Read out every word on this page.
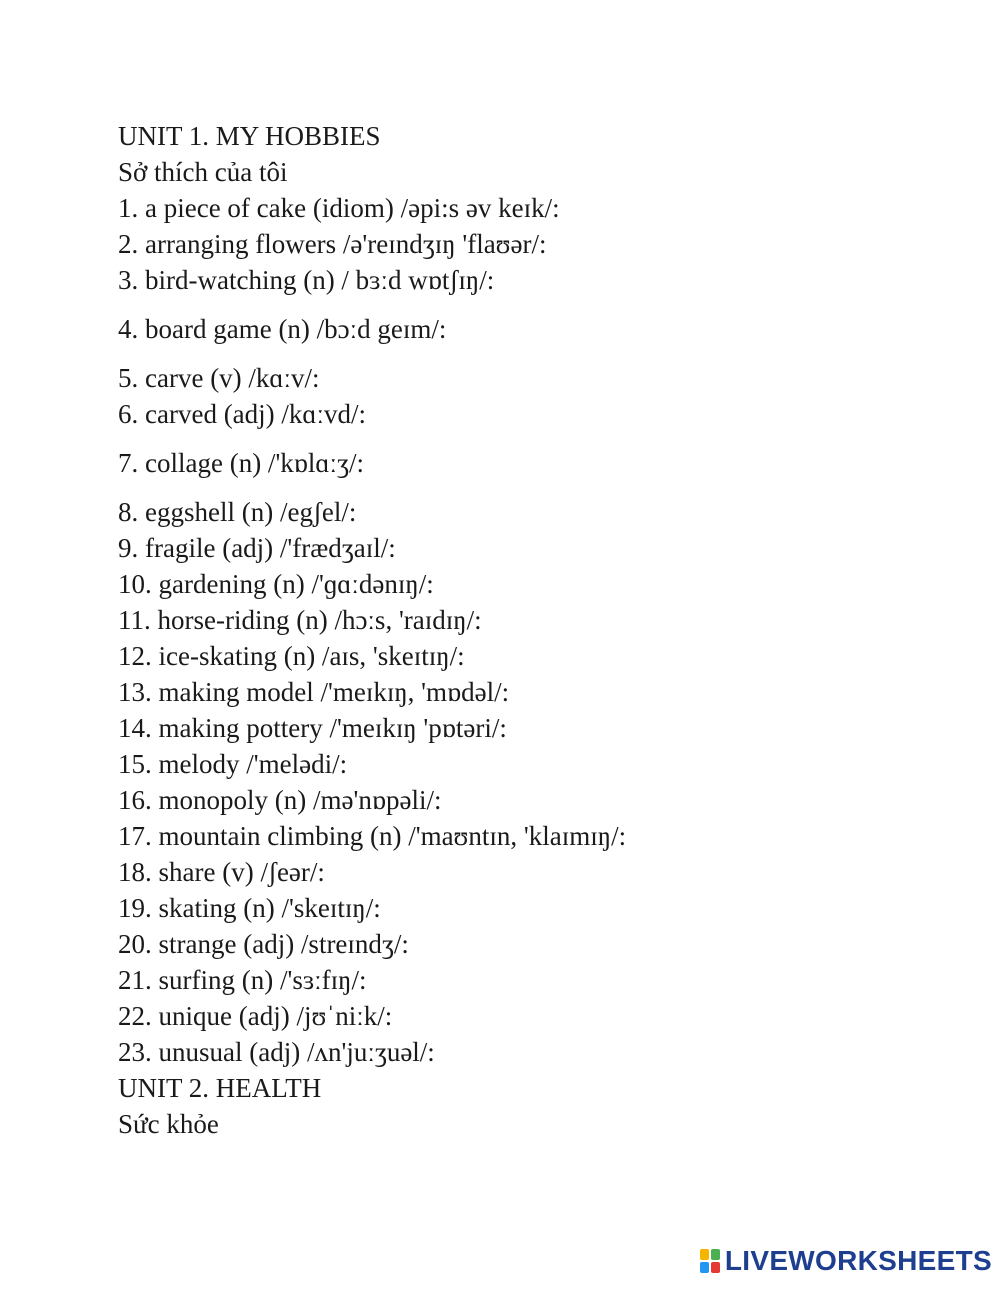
UNIT 1. MY HOBBIES
Sở thích của tôi
1. a piece of cake (idiom) /əpi:s əv keɪk/:
2. arranging flowers /ə'reɪndʒɪŋ 'flaʊər/:
3. bird-watching (n) / bɜːd wɒtʃɪŋ/:
4. board game (n) /bɔːd geɪm/:
5. carve (v) /kɑːv/:
6. carved (adj) /kɑːvd/:
7. collage (n) /'kɒlɑːʒ/:
8. eggshell (n) /egʃel/:
9. fragile (adj) /'frædʒaɪl/:
10. gardening (n) /'ɡɑːdənɪŋ/:
11. horse-riding (n) /hɔːs, 'raɪdɪŋ/:
12. ice-skating (n) /aɪs, 'skeɪtɪŋ/:
13. making model /'meɪkɪŋ, 'mɒdəl/:
14. making pottery /'meɪkɪŋ 'pɒtəri/:
15. melody /'melədi/:
16. monopoly (n) /mə'nɒpəli/:
17. mountain climbing (n) /'maʊntɪn, 'klaɪmɪŋ/:
18. share (v) /ʃeər/:
19. skating (n) /'skeɪtɪŋ/:
20. strange (adj) /streɪndʒ/:
21. surfing (n) /'sɜːfɪŋ/:
22. unique (adj) /jʊˈniːk/:
23. unusual (adj) /ʌn'juːʒuəl/:
UNIT 2. HEALTH
Sức khỏe
LIVEWORKSHEETS
